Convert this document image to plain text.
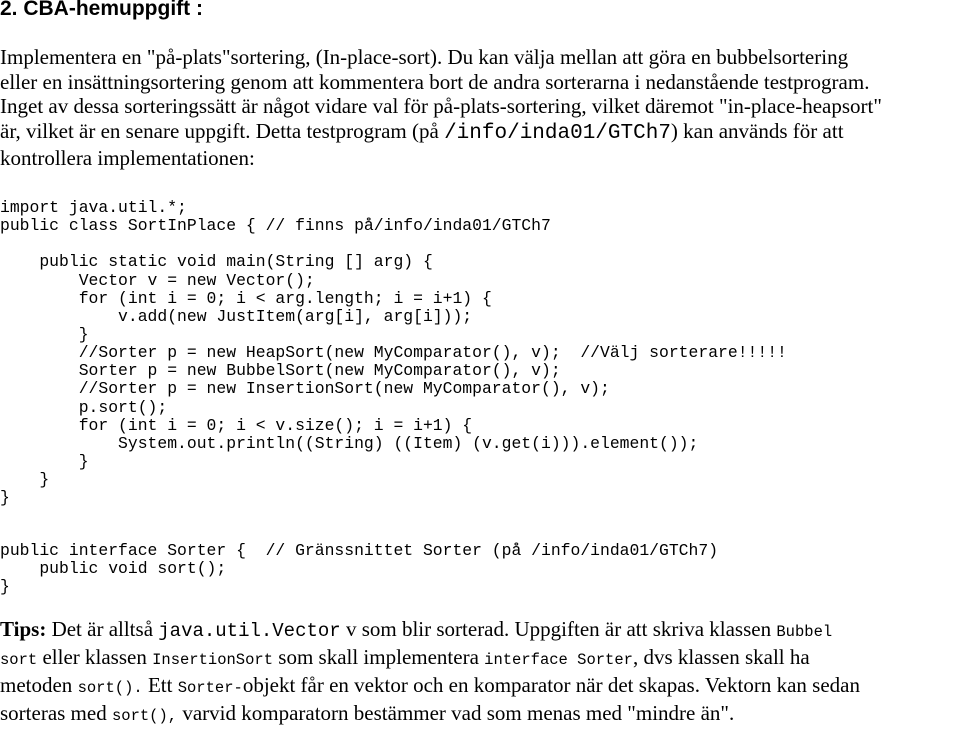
2. CBA-hemuppgift :
Implementera en "på-plats"sortering, (In-place-sort). Du kan välja mellan att göra en bubbelsortering
eller en insättningsortering genom att kommentera bort de andra sorterarna i nedanstående testprogram.
Inget av dessa sorteringssätt är något vidare val för på-plats-sortering, vilket däremot "in-place-heapsort"
är, vilket är en senare uppgift. Detta testprogram (på /info/inda01/GTCh7) kan används för att
kontrollera implementationen:
import java.util.*;
public class SortInPlace { // finns på/info/inda01/GTCh7
public static void main(String [] arg) {
Vector v = new Vector();
for (int i = 0; i < arg.length; i = i+1) {
v.add(new JustItem(arg[i], arg[i]));
}
//Sorter p = new HeapSort(new MyComparator(), v);  //Välj sorterare!!!!!
Sorter p = new BubbelSort(new MyComparator(), v);
//Sorter p = new InsertionSort(new MyComparator(), v);
p.sort();
for (int i = 0; i < v.size(); i = i+1) {
System.out.println((String) ((Item) (v.get(i))).element());
}
}
}
public interface Sorter {  // Gränssnittet Sorter (på /info/inda01/GTCh7)
public void sort();
}
Tips: Det är alltså java.util.Vector v som blir sorterad. Uppgiften är att skriva klassen Bubbel
sort eller klassen InsertionSort som skall implementera interface Sorter, dvs klassen skall ha
metoden sort(). Ett Sorter-objekt får en vektor och en komparator när det skapas. Vektorn kan sedan
sorteras med sort(), varvid komparatorn bestämmer vad som menas med "mindre än".
